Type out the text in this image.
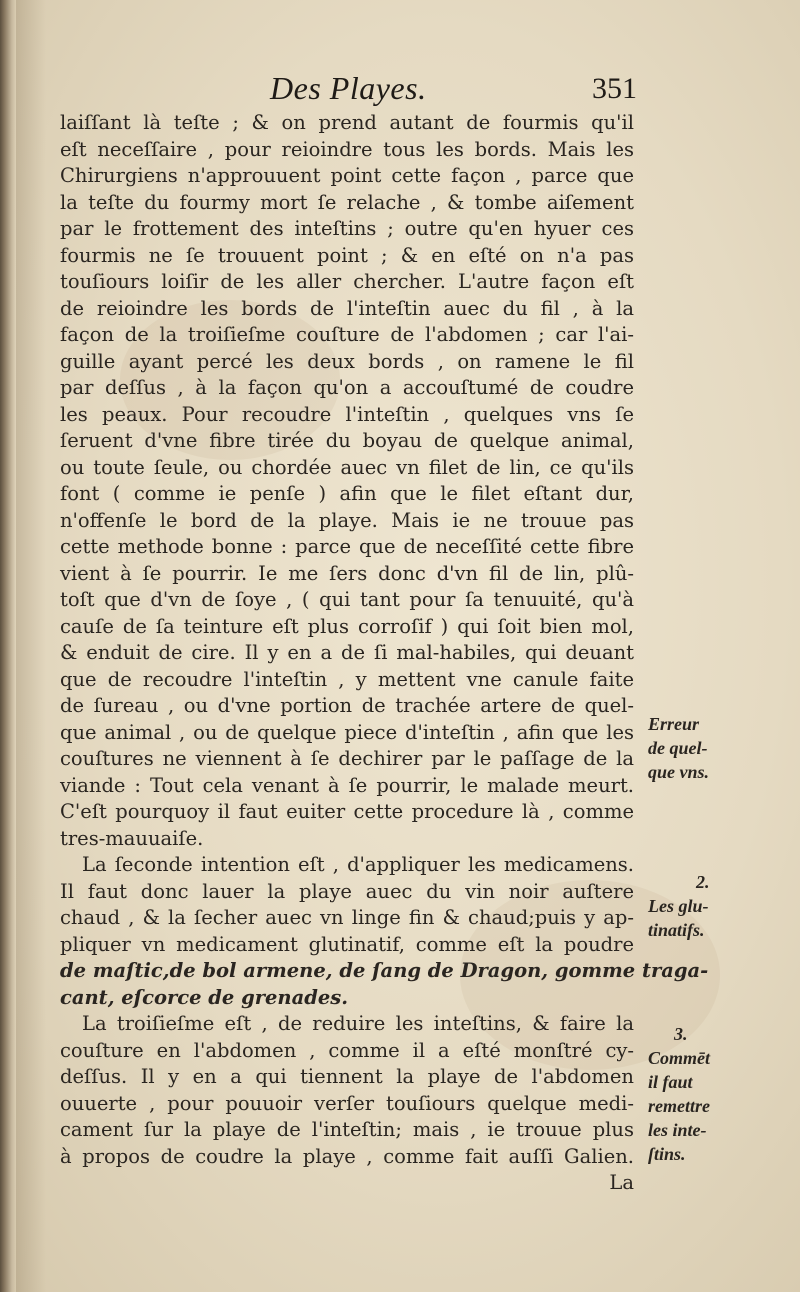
Des Playes.	351
laiſſant là teſte ; & on prend autant de fourmis qu'il
eſt neceſſaire , pour reioindre tous les bords. Mais les
Chirurgiens n'approuuent point cette façon , parce que
la teſte du fourmy mort ſe relache , & tombe aiſement
par le frottement des inteſtins ; outre qu'en hyuer ces
fourmis ne ſe trouuent point ; & en eſté on n'a pas
touſiours loiſir de les aller chercher. L'autre façon eſt
de reioindre les bords de l'inteſtin auec du fil , à la
façon de la troiſieſme couſture de l'abdomen ; car l'ai-
guille ayant percé les deux bords , on ramene le fil
par deſſus , à la façon qu'on a accouſtumé de coudre
les peaux. Pour recoudre l'inteſtin , quelques vns ſe
ſeruent d'vne fibre tirée du boyau de quelque animal,
ou toute ſeule, ou chordée auec vn filet de lin, ce qu'ils
font ( comme ie penſe ) afin que le filet eſtant dur,
n'offenſe le bord de la playe. Mais ie ne trouue pas
cette methode bonne : parce que de neceſſité cette fibre
vient à ſe pourrir. Ie me ſers donc d'vn fil de lin, plû-
toſt que d'vn de ſoye , ( qui tant pour ſa tenuuité, qu'à
cauſe de ſa teinture eſt plus corroſif ) qui ſoit bien mol,
& enduit de cire. Il y en a de ſi mal-habiles, qui deuant
que de recoudre l'inteſtin , y mettent vne canule faite
de ſureau , ou d'vne portion de trachée artere de quel-
que animal , ou de quelque piece d'inteſtin , afin que les
couſtures ne viennent à ſe dechirer par le paſſage de la
viande : Tout cela venant à ſe pourrir, le malade meurt.
C'eſt pourquoy il faut euiter cette procedure là , comme
tres-mauuaiſe.
La ſeconde intention eſt , d'appliquer les medicamens.
Il faut donc lauer la playe auec du vin noir auſtere
chaud , & la ſecher auec vn linge fin & chaud;puis y ap-
pliquer vn medicament glutinatif, comme eſt la poudre
de maſtic,de bol armene, de ſang de Dragon, gomme traga-
cant, eſcorce de grenades.
La troiſieſme eſt , de reduire les inteſtins, & faire la
couſture en l'abdomen , comme il a eſté monſtré cy-
deſſus. Il y en a qui tiennent la playe de l'abdomen
ouuerte , pour pouuoir verſer touſiours quelque medi-
cament ſur la playe de l'inteſtin; mais , ie trouue plus
à propos de coudre la playe , comme fait auſſi Galien.
La
Erreur
de quel-
que vns.
2.
Les glu-
tinatifs.
3.
Commēt
il faut
remettre
les inte-
ſtins.
